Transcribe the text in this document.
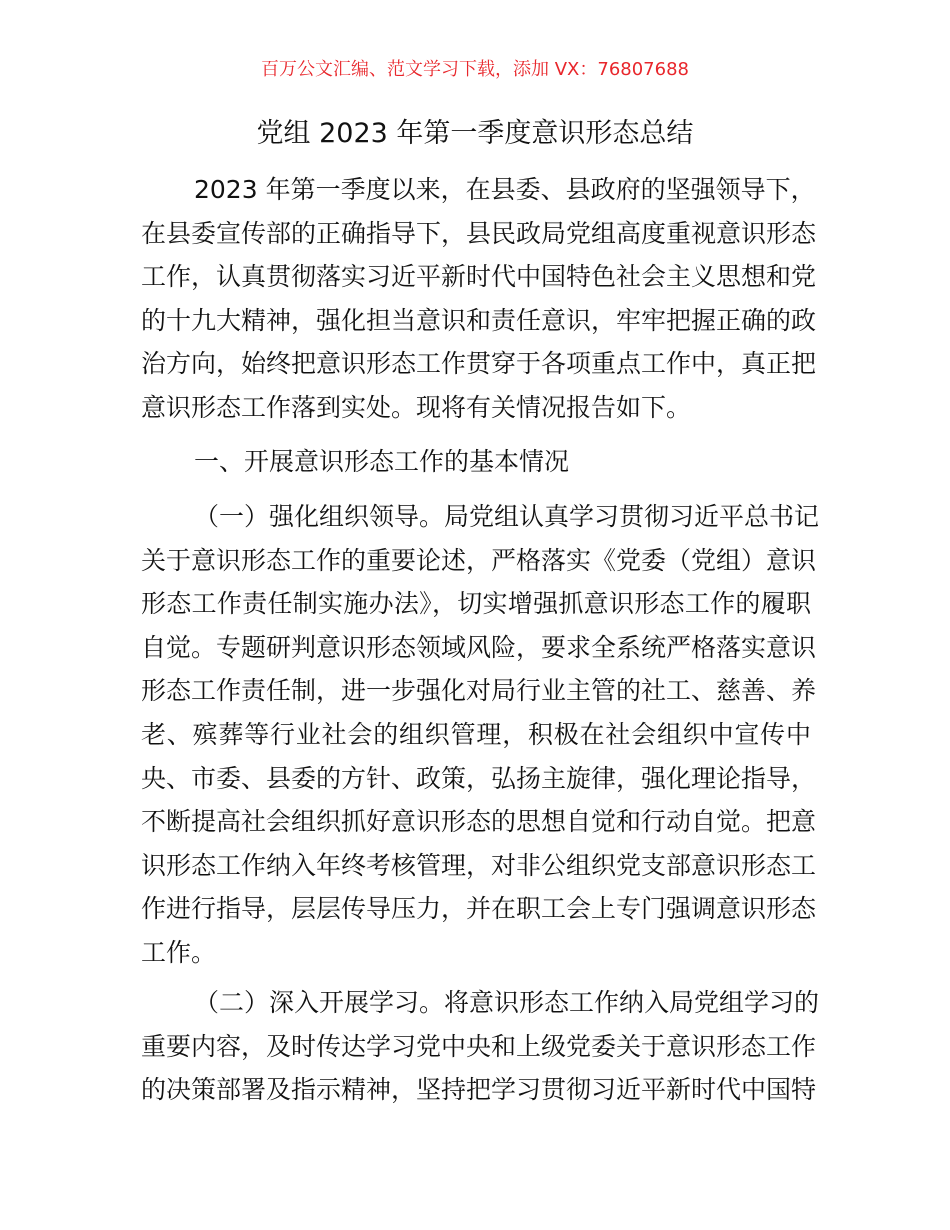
百万公文汇编、范文学习下载，添加 VX：76807688
党组 2023 年第一季度意识形态总结
2023 年第一季度以来，在县委、县政府的坚强领导下，
在县委宣传部的正确指导下，县民政局党组高度重视意识形态
工作，认真贯彻落实习近平新时代中国特色社会主义思想和党
的十九大精神，强化担当意识和责任意识，牢牢把握正确的政
治方向，始终把意识形态工作贯穿于各项重点工作中，真正把
意识形态工作落到实处。现将有关情况报告如下。
一、开展意识形态工作的基本情况
（一）强化组织领导。局党组认真学习贯彻习近平总书记
关于意识形态工作的重要论述，严格落实《党委（党组）意识
形态工作责任制实施办法》，切实增强抓意识形态工作的履职
自觉。专题研判意识形态领域风险，要求全系统严格落实意识
形态工作责任制，进一步强化对局行业主管的社工、慈善、养
老、殡葬等行业社会的组织管理，积极在社会组织中宣传中
央、市委、县委的方针、政策，弘扬主旋律，强化理论指导，
不断提高社会组织抓好意识形态的思想自觉和行动自觉。把意
识形态工作纳入年终考核管理，对非公组织党支部意识形态工
作进行指导，层层传导压力，并在职工会上专门强调意识形态
工作。
（二）深入开展学习。将意识形态工作纳入局党组学习的
重要内容，及时传达学习党中央和上级党委关于意识形态工作
的决策部署及指示精神，坚持把学习贯彻习近平新时代中国特
